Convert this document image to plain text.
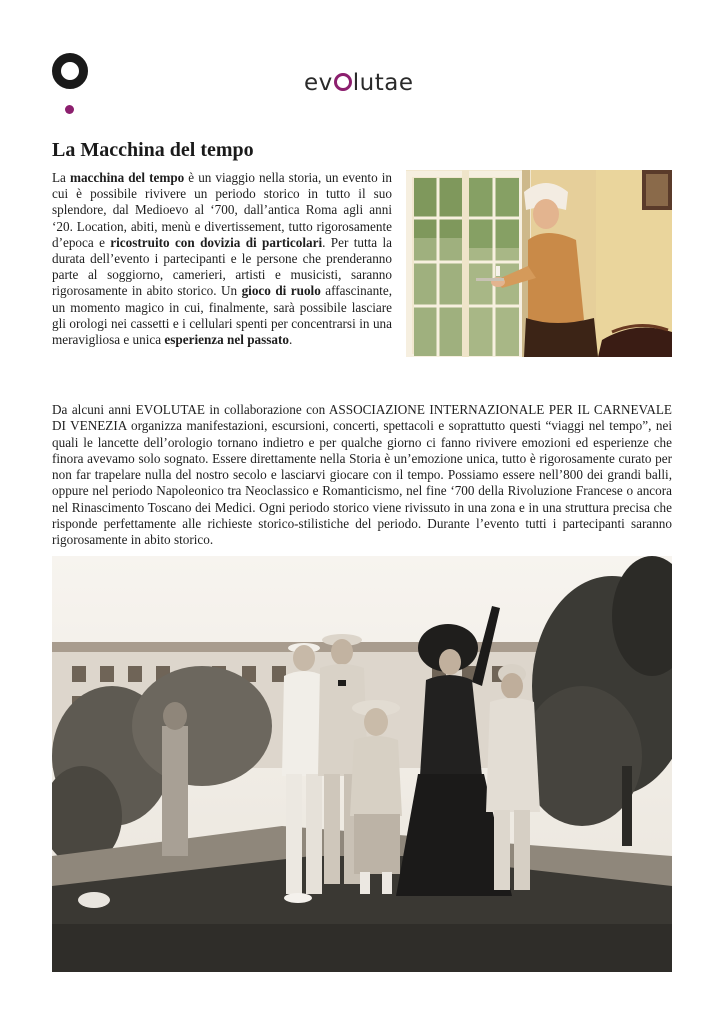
ev lutae
La Macchina del tempo

La macchina del tempo è un viaggio nella storia, un evento in cui è possibile rivivere un periodo storico in tutto il suo splendore, dal Medioevo al ‘700, dall’antica Roma agli anni ‘20. Location, abiti, menù e divertissement, tutto rigorosamente d’epoca e ricostruito con dovizia di particolari. Per tutta la durata dell’evento i partecipanti e le persone che prenderanno parte al soggiorno, camerieri, artisti e musicisti, saranno rigorosamente in abito storico. Un gioco di ruolo affascinante, un momento magico in cui, finalmente, sarà possibile lasciare gli orologi nei cassetti e i cellulari spenti per concentrarsi in una meravigliosa e unica esperienza nel passato.

Da alcuni anni EVOLUTAE in collaborazione con ASSOCIAZIONE INTERNAZIONALE PER IL CARNEVALE DI VENEZIA organizza manifestazioni, escursioni, concerti, spettacoli e soprattutto questi “viaggi nel tempo”, nei quali le lancette dell’orologio tornano indietro e per qualche giorno ci fanno rivivere emozioni ed esperienze che finora avevamo solo sognato. Essere direttamente nella Storia è un’emozione unica, tutto è rigorosamente curato per non far trapelare nulla del nostro secolo e lasciarvi giocare con il tempo. Possiamo essere nell’800 dei grandi balli, oppure nel periodo Napoleonico tra Neoclassico e Romanticismo, nel fine ‘700 della Rivoluzione Francese o ancora nel Rinascimento Toscano dei Medici. Ogni periodo storico viene rivissuto in una zona e in una struttura precisa che risponde perfettamente alle richieste storico-stilistiche del periodo. Durante l’evento tutti i partecipanti saranno rigorosamente in abito storico.
